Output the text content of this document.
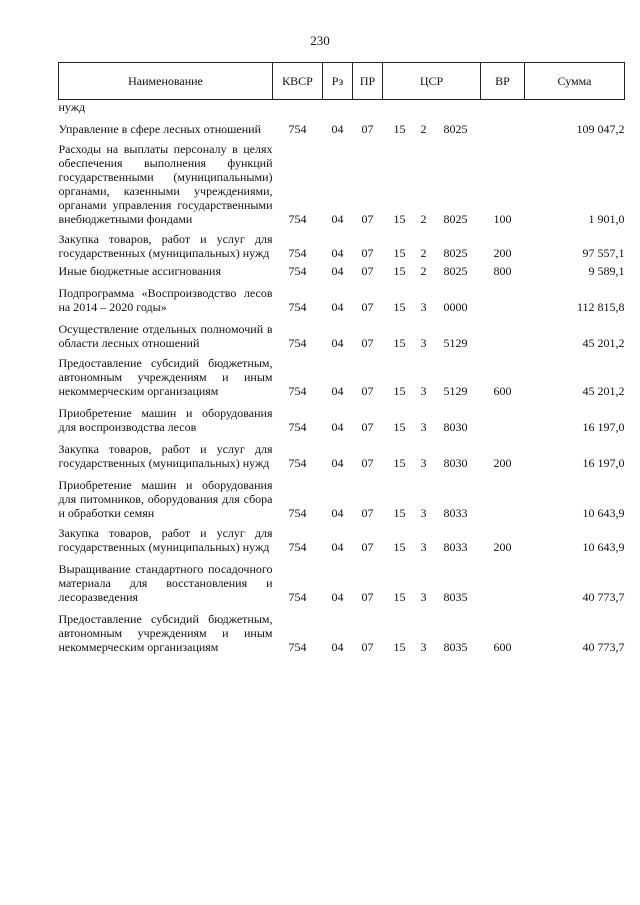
230
Наименование	КВСР	Рз	ПР	ЦСР	ВР	Сумма
нужд						
Управление в сфере лесных отношений	754	04	07	15 2 8025		109 047,2
Расходы на выплаты персоналу в целях обеспечения выполнения функций государственными (муниципальными) органами, казенными учреждениями, органами управления государственными внебюджетными фондами	754	04	07	15 2 8025	100	1 901,0
Закупка товаров, работ и услуг для государственных (муниципальных) нужд	754	04	07	15 2 8025	200	97 557,1
Иные бюджетные ассигнования	754	04	07	15 2 8025	800	9 589,1
Подпрограмма «Воспроизводство лесов на 2014 – 2020 годы»	754	04	07	15 3 0000		112 815,8
Осуществление отдельных полномочий в области лесных отношений	754	04	07	15 3 5129		45 201,2
Предоставление субсидий бюджетным, автономным учреждениям и иным некоммерческим организациям	754	04	07	15 3 5129	600	45 201,2
Приобретение машин и оборудования для воспроизводства лесов	754	04	07	15 3 8030		16 197,0
Закупка товаров, работ и услуг для государственных (муниципальных) нужд	754	04	07	15 3 8030	200	16 197,0
Приобретение машин и оборудования для питомников, оборудования для сбора и обработки семян	754	04	07	15 3 8033		10 643,9
Закупка товаров, работ и услуг для государственных (муниципальных) нужд	754	04	07	15 3 8033	200	10 643,9
Выращивание стандартного посадочного материала для восстановления и лесоразведения	754	04	07	15 3 8035		40 773,7
Предоставление субсидий бюджетным, автономным учреждениям и иным некоммерческим организациям	754	04	07	15 3 8035	600	40 773,7
